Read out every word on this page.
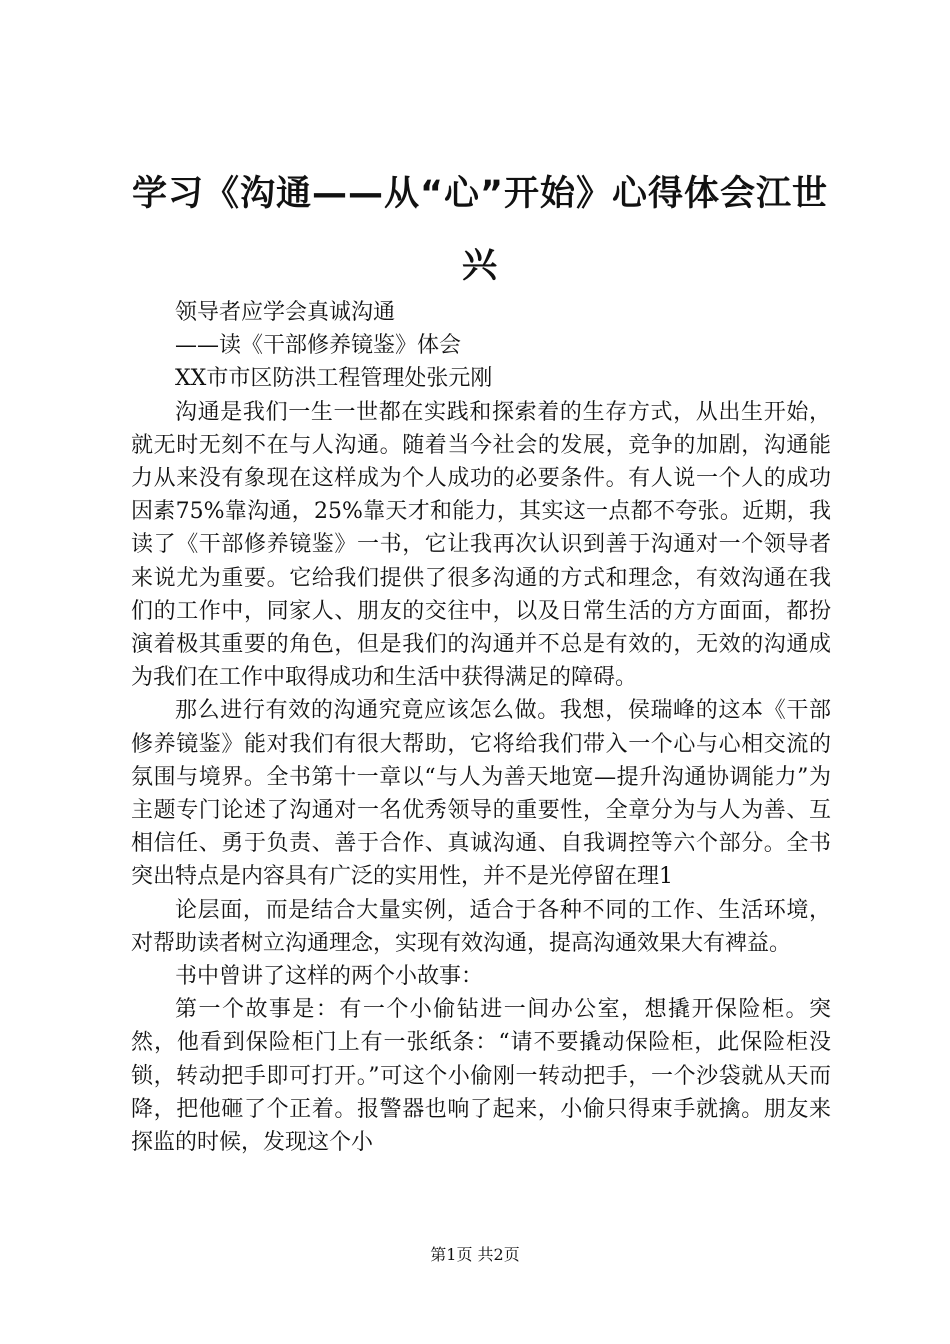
学习《沟通——从“心”开始》心得体会江世兴

领导者应学会真诚沟通

——读《干部修养镜鉴》体会

XX市市区防洪工程管理处张元刚

沟通是我们一生一世都在实践和探索着的生存方式，从出生开始，就无时无刻不在与人沟通。随着当今社会的发展，竞争的加剧，沟通能力从来没有象现在这样成为个人成功的必要条件。有人说一个人的成功因素75%靠沟通，25%靠天才和能力，其实这一点都不夸张。近期，我读了《干部修养镜鉴》一书，它让我再次认识到善于沟通对一个领导者来说尤为重要。它给我们提供了很多沟通的方式和理念，有效沟通在我们的工作中，同家人、朋友的交往中，以及日常生活的方方面面，都扮演着极其重要的角色，但是我们的沟通并不总是有效的，无效的沟通成为我们在工作中取得成功和生活中获得满足的障碍。

那么进行有效的沟通究竟应该怎么做。我想，侯瑞峰的这本《干部修养镜鉴》能对我们有很大帮助，它将给我们带入一个心与心相交流的氛围与境界。全书第十一章以“与人为善天地宽—提升沟通协调能力”为主题专门论述了沟通对一名优秀领导的重要性，全章分为与人为善、互相信任、勇于负责、善于合作、真诚沟通、自我调控等六个部分。全书突出特点是内容具有广泛的实用性，并不是光停留在理1

论层面，而是结合大量实例，适合于各种不同的工作、生活环境，对帮助读者树立沟通理念，实现有效沟通，提高沟通效果大有裨益。

书中曾讲了这样的两个小故事：

第一个故事是：有一个小偷钻进一间办公室，想撬开保险柜。突然，他看到保险柜门上有一张纸条：“请不要撬动保险柜，此保险柜没锁，转动把手即可打开。”可这个小偷刚一转动把手，一个沙袋就从天而降，把他砸了个正着。报警器也响了起来，小偷只得束手就擒。朋友来探监的时候，发现这个小

第1页 共2页
